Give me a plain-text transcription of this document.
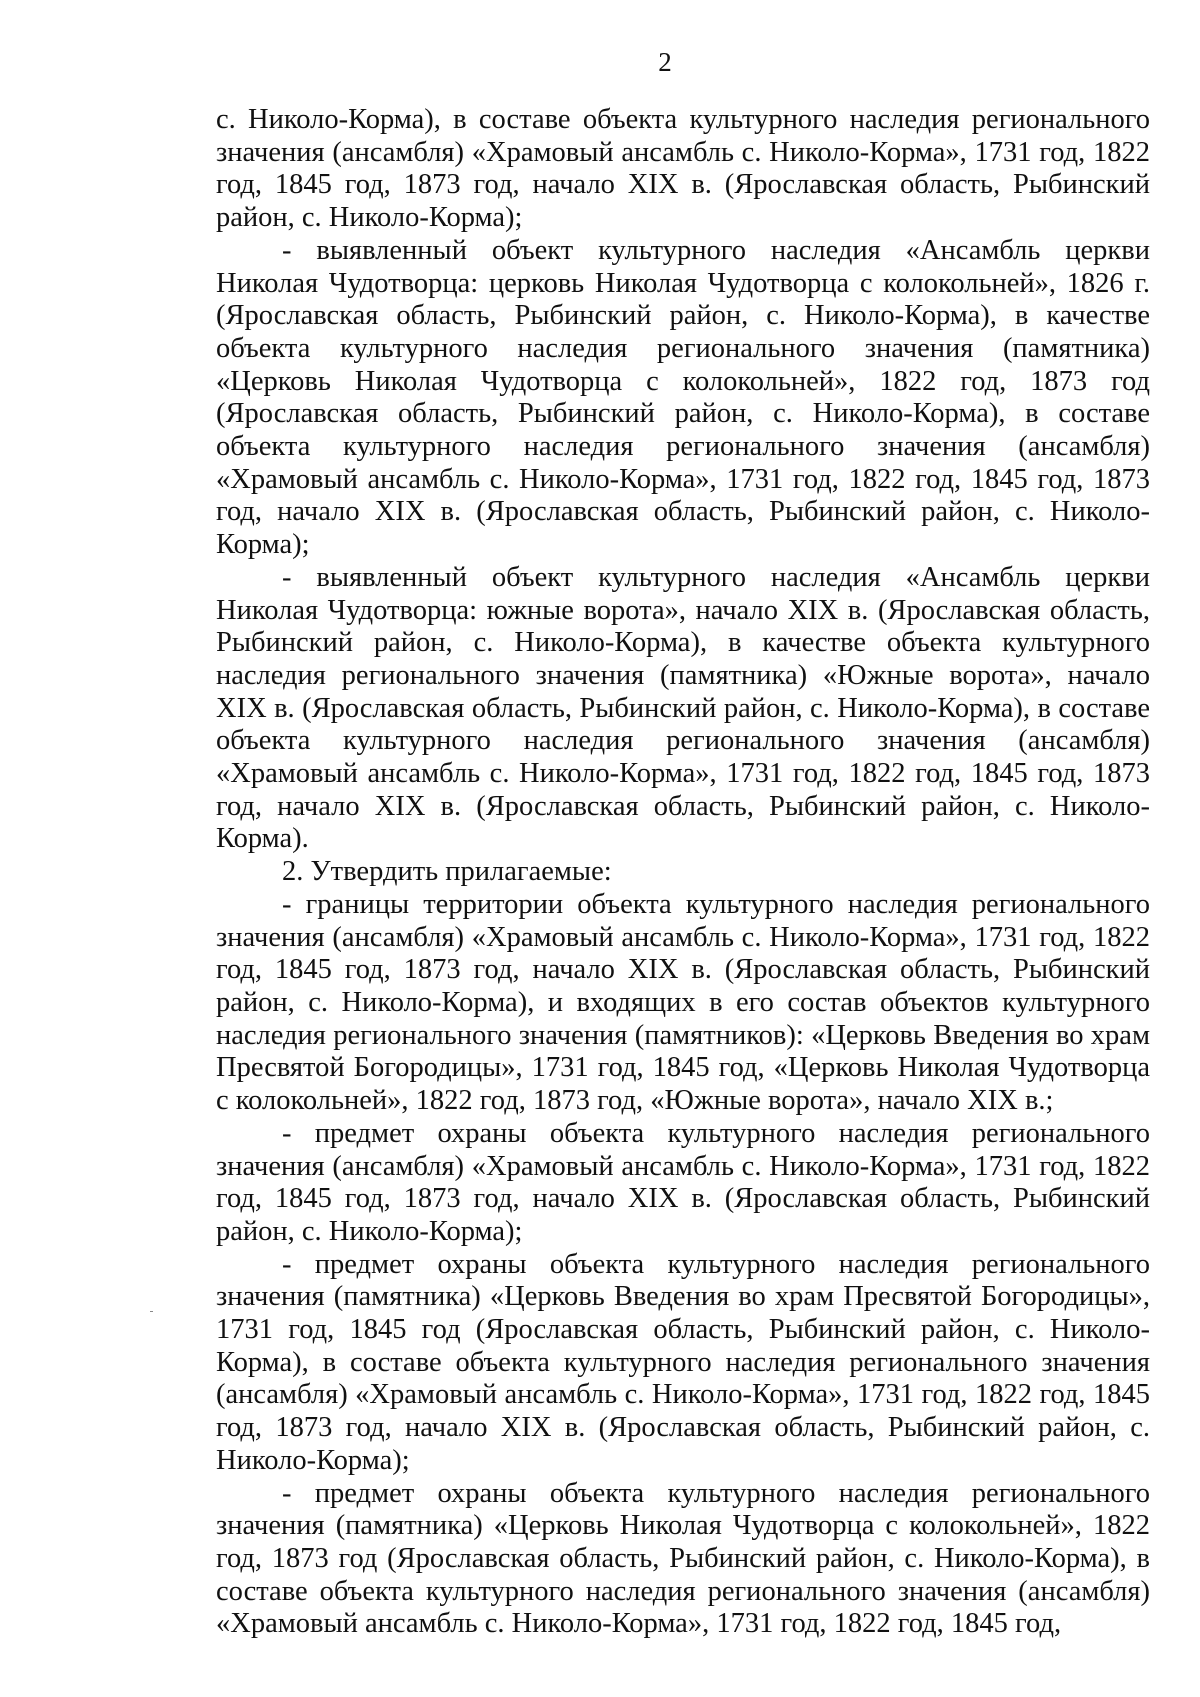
2

с. Николо-Корма), в составе объекта культурного наследия регионального значения (ансамбля) «Храмовый ансамбль с. Николо-Корма», 1731 год, 1822 год, 1845 год, 1873 год, начало XIX в. (Ярославская область, Рыбинский район, с. Николо-Корма);

- выявленный объект культурного наследия «Ансамбль церкви Николая Чудотворца: церковь Николая Чудотворца с колокольней», 1826 г. (Ярославская область, Рыбинский район, с. Николо-Корма), в качестве объекта культурного наследия регионального значения (памятника) «Церковь Николая Чудотворца с колокольней», 1822 год, 1873 год (Ярославская область, Рыбинский район, с. Николо-Корма), в составе объекта культурного наследия регионального значения (ансамбля) «Храмовый ансамбль с. Николо-Корма», 1731 год, 1822 год, 1845 год, 1873 год, начало XIX в. (Ярославская область, Рыбинский район, с. Николо-Корма);

- выявленный объект культурного наследия «Ансамбль церкви Николая Чудотворца: южные ворота», начало XIX в. (Ярославская область, Рыбинский район, с. Николо-Корма), в качестве объекта культурного наследия регионального значения (памятника) «Южные ворота», начало XIX в. (Ярославская область, Рыбинский район, с. Николо-Корма), в составе объекта культурного наследия регионального значения (ансамбля) «Храмовый ансамбль с. Николо-Корма», 1731 год, 1822 год, 1845 год, 1873 год, начало XIX в. (Ярославская область, Рыбинский район, с. Николо-Корма).

2. Утвердить прилагаемые:

- границы территории объекта культурного наследия регионального значения (ансамбля) «Храмовый ансамбль с. Николо-Корма», 1731 год, 1822 год, 1845 год, 1873 год, начало XIX в. (Ярославская область, Рыбинский район, с. Николо-Корма), и входящих в его состав объектов культурного наследия регионального значения (памятников): «Церковь Введения во храм Пресвятой Богородицы», 1731 год, 1845 год, «Церковь Николая Чудотворца с колокольней», 1822 год, 1873 год, «Южные ворота», начало XIX в.;

- предмет охраны объекта культурного наследия регионального значения (ансамбля) «Храмовый ансамбль с. Николо-Корма», 1731 год, 1822 год, 1845 год, 1873 год, начало XIX в. (Ярославская область, Рыбинский район, с. Николо-Корма);

- предмет охраны объекта культурного наследия регионального значения (памятника) «Церковь Введения во храм Пресвятой Богородицы», 1731 год, 1845 год (Ярославская область, Рыбинский район, с. Николо-Корма), в составе объекта культурного наследия регионального значения (ансамбля) «Храмовый ансамбль с. Николо-Корма», 1731 год, 1822 год, 1845 год, 1873 год, начало XIX в. (Ярославская область, Рыбинский район, с. Николо-Корма);

- предмет охраны объекта культурного наследия регионального значения (памятника) «Церковь Николая Чудотворца с колокольней», 1822 год, 1873 год (Ярославская область, Рыбинский район, с. Николо-Корма), в составе объекта культурного наследия регионального значения (ансамбля) «Храмовый ансамбль с. Николо-Корма», 1731 год, 1822 год, 1845 год,
